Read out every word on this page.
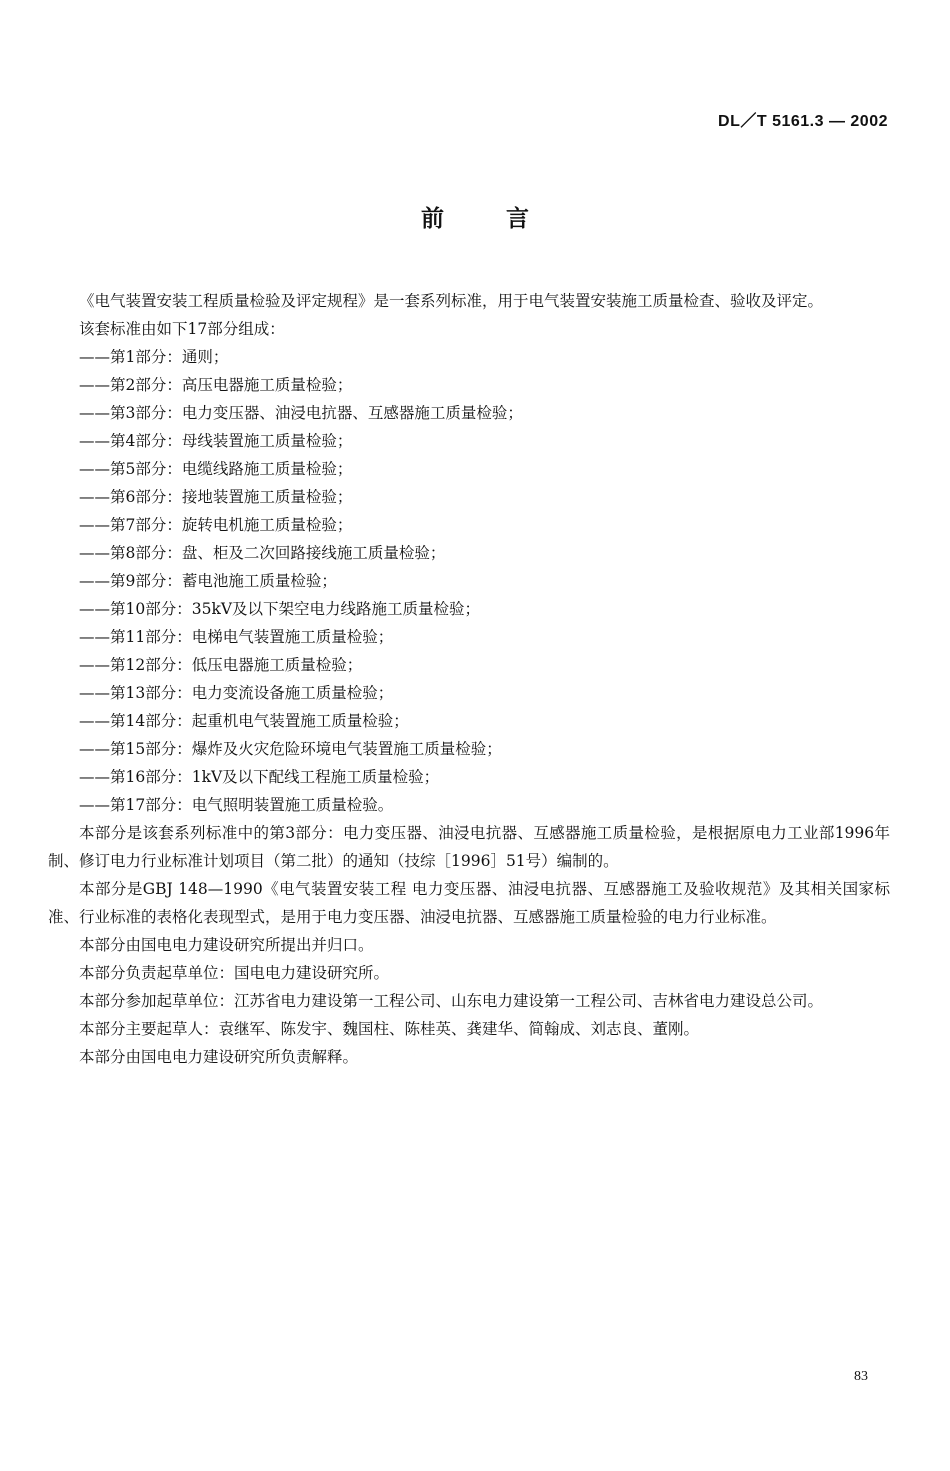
DL／T 5161.3 — 2002
前	言

《电气装置安装工程质量检验及评定规程》是一套系列标准，用于电气装置安装施工质量检查、验收及评定。

该套标准由如下17部分组成：

——第1部分：通则；

——第2部分：高压电器施工质量检验；

——第3部分：电力变压器、油浸电抗器、互感器施工质量检验；

——第4部分：母线装置施工质量检验；

——第5部分：电缆线路施工质量检验；

——第6部分：接地装置施工质量检验；

——第7部分：旋转电机施工质量检验；

——第8部分：盘、柜及二次回路接线施工质量检验；

——第9部分：蓄电池施工质量检验；

——第10部分：35kV及以下架空电力线路施工质量检验；

——第11部分：电梯电气装置施工质量检验；

——第12部分：低压电器施工质量检验；

——第13部分：电力变流设备施工质量检验；

——第14部分：起重机电气装置施工质量检验；

——第15部分：爆炸及火灾危险环境电气装置施工质量检验；

——第16部分：1kV及以下配线工程施工质量检验；

——第17部分：电气照明装置施工质量检验。

本部分是该套系列标准中的第3部分：电力变压器、油浸电抗器、互感器施工质量检验，是根据原电力工业部1996年制、修订电力行业标准计划项目（第二批）的通知（技综［1996］51号）编制的。

本部分是GBJ 148—1990《电气装置安装工程 电力变压器、油浸电抗器、互感器施工及验收规范》及其相关国家标准、行业标准的表格化表现型式，是用于电力变压器、油浸电抗器、互感器施工质量检验的电力行业标准。

本部分由国电电力建设研究所提出并归口。

本部分负责起草单位：国电电力建设研究所。

本部分参加起草单位：江苏省电力建设第一工程公司、山东电力建设第一工程公司、吉林省电力建设总公司。

本部分主要起草人：袁继军、陈发宇、魏国柱、陈桂英、龚建华、简翰成、刘志良、董刚。

本部分由国电电力建设研究所负责解释。

83
